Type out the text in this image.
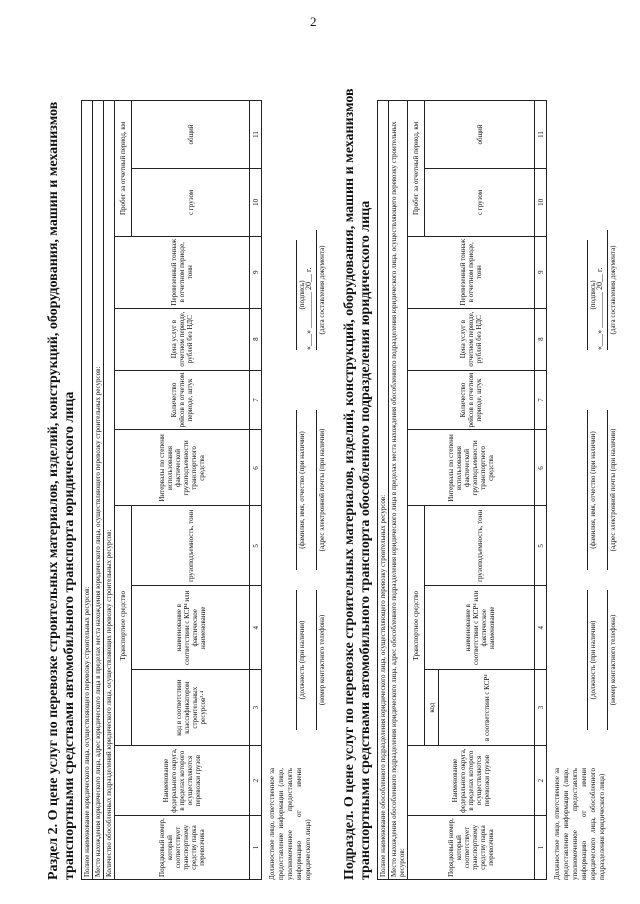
2
Раздел 2. О цене услуг по перевозке строительных материалов, изделий, конструкций, оборудования, машин и механизмов транспортными средствами автомобильного транспорта юридического лица Полное наименование юридического лица, осуществляющего перевозку строительных ресурсов:										
Место нахождения юридического лица, адрес юридического лица в пределах места нахождения юридического лица, осуществляющего перевозку строительных ресурсов:										
Количество обособленных подразделений юридического лица, осуществляющих перевозку строительных ресурсов:										
Порядковый номер, который соответствует транспортному средству парка перевозчика	Наименование федерального округа, в пределах которого осуществляются перевозки грузов	Транспортное средство			Интервалы по степени использования фактической грузоподъемности транспортного средства	Количество рейсов в отчетном периоде, штук	Цена услуг в отчетном периоде, рублей без НДС	Перевезенный тоннаж в отчетном периоде, тонн	Пробег за отчетный период, км	
		код в соответствии классификатором строительных ресурсов³·⁴	наименование в соответствии с КСР⁴ или фактическое наименование	грузоподъемность, тонн					с грузом	общий
1	2	3	4	5	6	7	8	9	10	11
Должностное лицо, ответственное за предоставление информации (лицо, уполномоченное предоставлять информацию от имени юридического лица)
(должность (при наличии)
(фамилия, имя, отчество (при наличии)
(подпись)
(номер контактного телефона)
(адрес электронной почты (при наличии)
«___» _________ 20__ г. (дата составления документа) Подраздел. О цене услуг по перевозке строительных материалов, изделий, конструкций, оборудования, машин и механизмов транспортными средствами автомобильного транспорта обособленного подразделения юридического лица Полное наименование обособленного подразделения юридического лица, осуществляющего перевозку строительных ресурсов:										
Место нахождения обособленного подразделения юридического лица, адрес обособленного подразделения юридического лица в пределах места нахождения обособленного подразделения юридического лица, осуществляющего перевозку строительных ресурсов:										
Порядковый номер, который соответствует транспортному средству парка перевозчика	Наименование федерального округа, в пределах которого осуществляются перевозки грузов	Транспортное средство			Интервалы по степени использования фактической грузоподъемности транспортного средства	Количество рейсов в отчетном периоде, штук	Цена услуг в отчетном периоде, рублей без НДС	Перевезенный тоннаж в отчетном периоде, тонн	Пробег за отчетный период, км	
		код	наименование в соответствии с КСР⁴ или фактическое наименование	грузоподъемность, тонн					с грузом	общий
		в соответствии с КСР⁴								
1	2	3	4	5	6	7	8	9	10	11
Должностное лицо, ответственное за предоставление информации (лицо, уполномоченное предоставлять информацию от имени юридического лица, обособленного подразделения юридического лица)
(должность (при наличии)
(фамилия, имя, отчество (при наличии)
(подпись)
(номер контактного телефона)
(адрес электронной почты (при наличии)
«___» _________ 20__ г. (дата составления документа)
